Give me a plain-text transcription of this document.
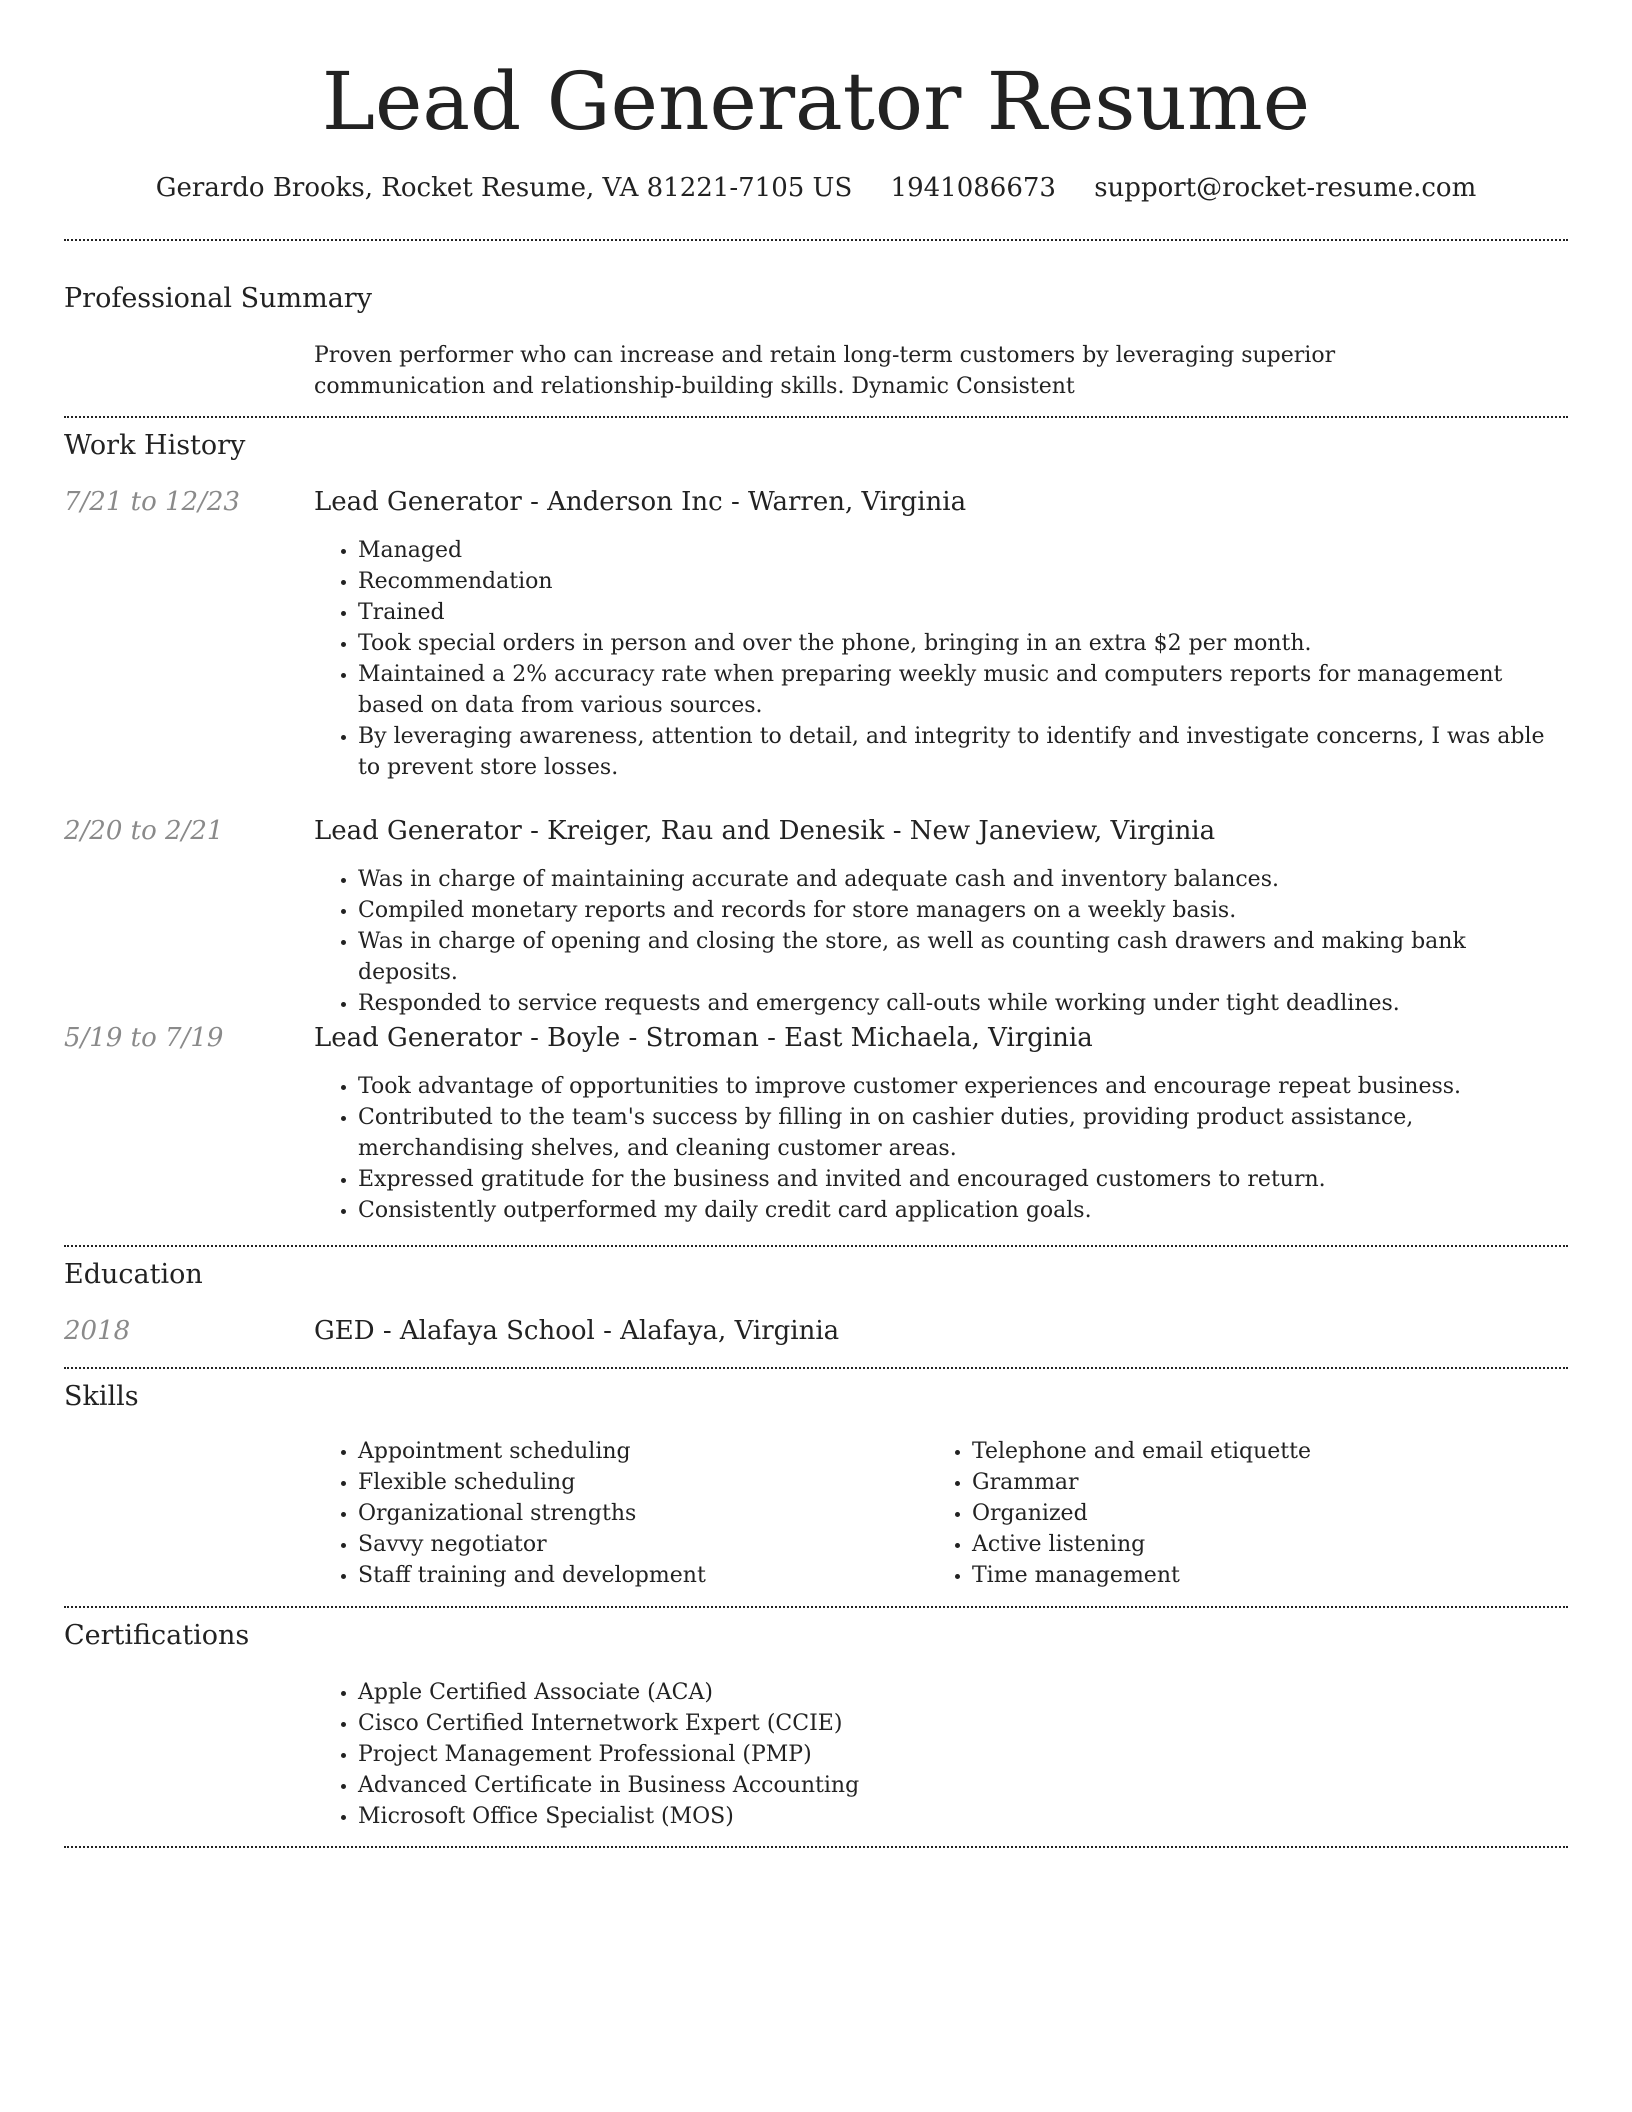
Lead Generator Resume
Gerardo Brooks, Rocket Resume, VA 81221-7105 US 1941086673 support@rocket-resume.com
Professional Summary

Proven performer who can increase and retain long-term customers by leveraging superior communication and relationship-building skills. Dynamic Consistent

Work History
7/21 to 12/23	Lead Generator - Anderson Inc - Warren, Virginia
• Managed
• Recommendation
• Trained
• Took special orders in person and over the phone, bringing in an extra $2 per month.
• Maintained a 2% accuracy rate when preparing weekly music and computers reports for management based on data from various sources.
• By leveraging awareness, attention to detail, and integrity to identify and investigate concerns, I was able to prevent store losses.
2/20 to 2/21	Lead Generator - Kreiger, Rau and Denesik - New Janeview, Virginia
• Was in charge of maintaining accurate and adequate cash and inventory balances.
• Compiled monetary reports and records for store managers on a weekly basis.
• Was in charge of opening and closing the store, as well as counting cash drawers and making bank deposits.
• Responded to service requests and emergency call-outs while working under tight deadlines.
5/19 to 7/19	Lead Generator - Boyle - Stroman - East Michaela, Virginia
• Took advantage of opportunities to improve customer experiences and encourage repeat business.
• Contributed to the team's success by filling in on cashier duties, providing product assistance, merchandising shelves, and cleaning customer areas.
• Expressed gratitude for the business and invited and encouraged customers to return.
• Consistently outperformed my daily credit card application goals.
Education
2018	GED - Alafaya School - Alafaya, Virginia
Skills
• Appointment scheduling
• Flexible scheduling
• Organizational strengths
• Savvy negotiator
• Staff training and development
• Telephone and email etiquette
• Grammar
• Organized
• Active listening
• Time management
Certifications
• Apple Certified Associate (ACA)
• Cisco Certified Internetwork Expert (CCIE)
• Project Management Professional (PMP)
• Advanced Certificate in Business Accounting
• Microsoft Office Specialist (MOS)
